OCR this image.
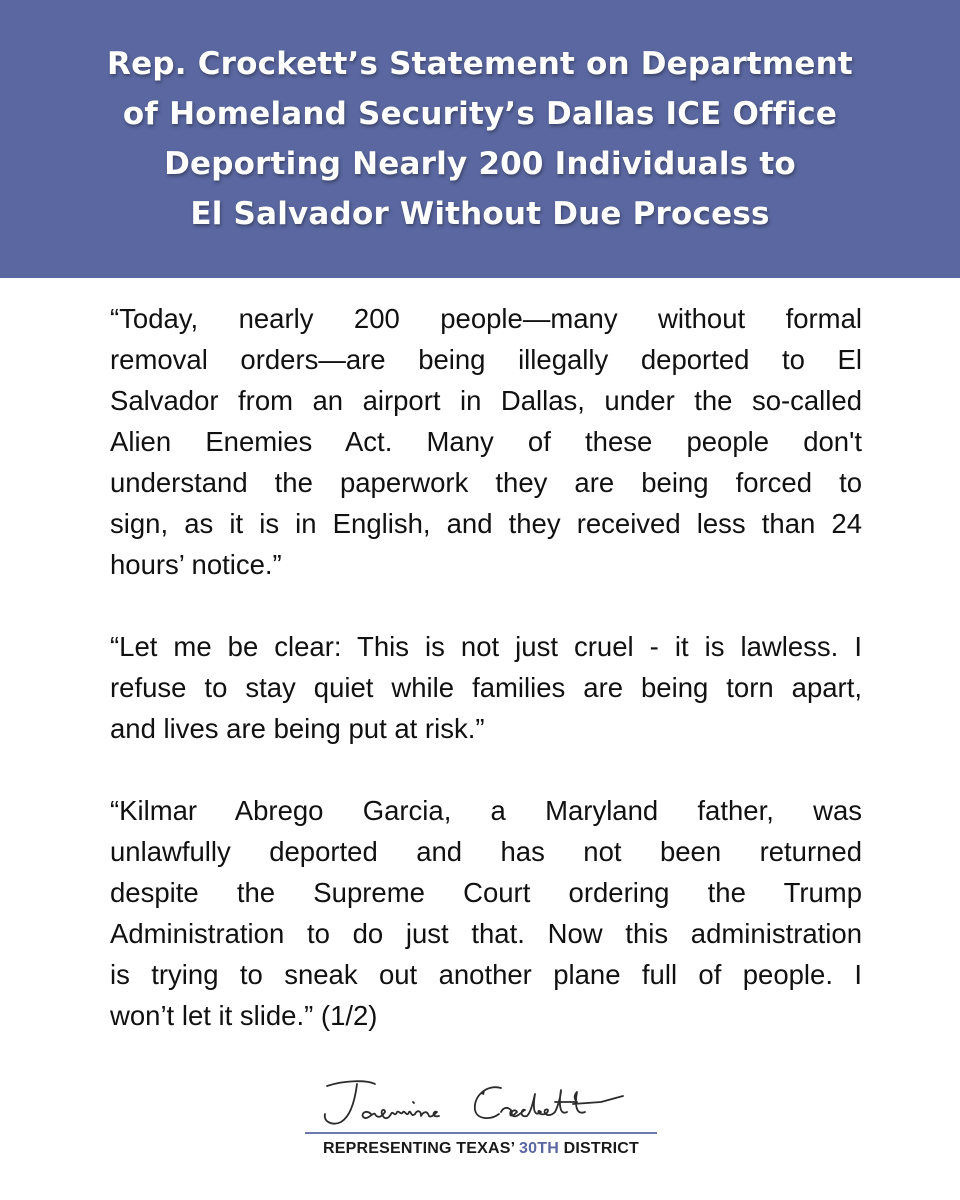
Rep. Crockett’s Statement on Department
of Homeland Security’s Dallas ICE Office
Deporting Nearly 200 Individuals to
El Salvador Without Due Process

“Today, nearly 200 people—many without formal
removal orders—are being illegally deported to El
Salvador from an airport in Dallas, under the so-called
Alien Enemies Act. Many of these people don't
understand the paperwork they are being forced to
sign, as it is in English, and they received less than 24
hours’ notice.”

“Let me be clear: This is not just cruel - it is lawless. I
refuse to stay quiet while families are being torn apart,
and lives are being put at risk.”

“Kilmar Abrego Garcia, a Maryland father, was
unlawfully deported and has not been returned
despite the Supreme Court ordering the Trump
Administration to do just that. Now this administration
is trying to sneak out another plane full of people. I
won’t let it slide.” (1/2)

REPRESENTING TEXAS’ 30TH DISTRICT
